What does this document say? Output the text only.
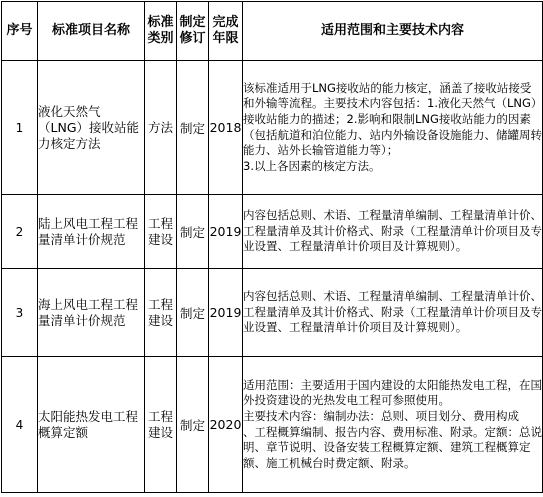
序号	标准项目名称	标准类别	制定修订	完成年限	适用范围和主要技术内容
1	液化天然气（LNG）接收站能力核定方法	方法	制定	2018	该标准适用于LNG接收站的能力核定，涵盖了接收站接受和外输等流程。主要技术内容包括：1.液化天然气（LNG）接收站能力的描述；2.影响和限制LNG接收站能力的因素（包括航道和泊位能力、站内外输设备设施能力、储罐周转能力、站外长输管道能力等）；
3.以上各因素的核定方法。

2	陆上风电工程工程量清单计价规范	工程建设	制定	2019	内容包括总则、术语、工程量清单编制、工程量清单计价、工程量清单及其计价格式、附录（工程量清单计价项目及专业设置、工程量清单计价项目及计算规则）。

3	海上风电工程工程量清单计价规范	工程建设	制定	2019	内容包括总则、术语、工程量清单编制、工程量清单计价、工程量清单及其计价格式、附录（工程量清单计价项目及专业设置、工程量清单计价项目及计算规则）。

4	太阳能热发电工程概算定额	工程建设	制定	2020	适用范围：主要适用于国内建设的太阳能热发电工程，在国外投资建设的光热发电工程可参照使用。
主要技术内容：编制办法：总则、项目划分、费用构成
、工程概算编制、报告内容、费用标准、附录。定额：总说明、章节说明、设备安装工程概算定额、建筑工程概算定额、施工机械台时费定额、附录。
